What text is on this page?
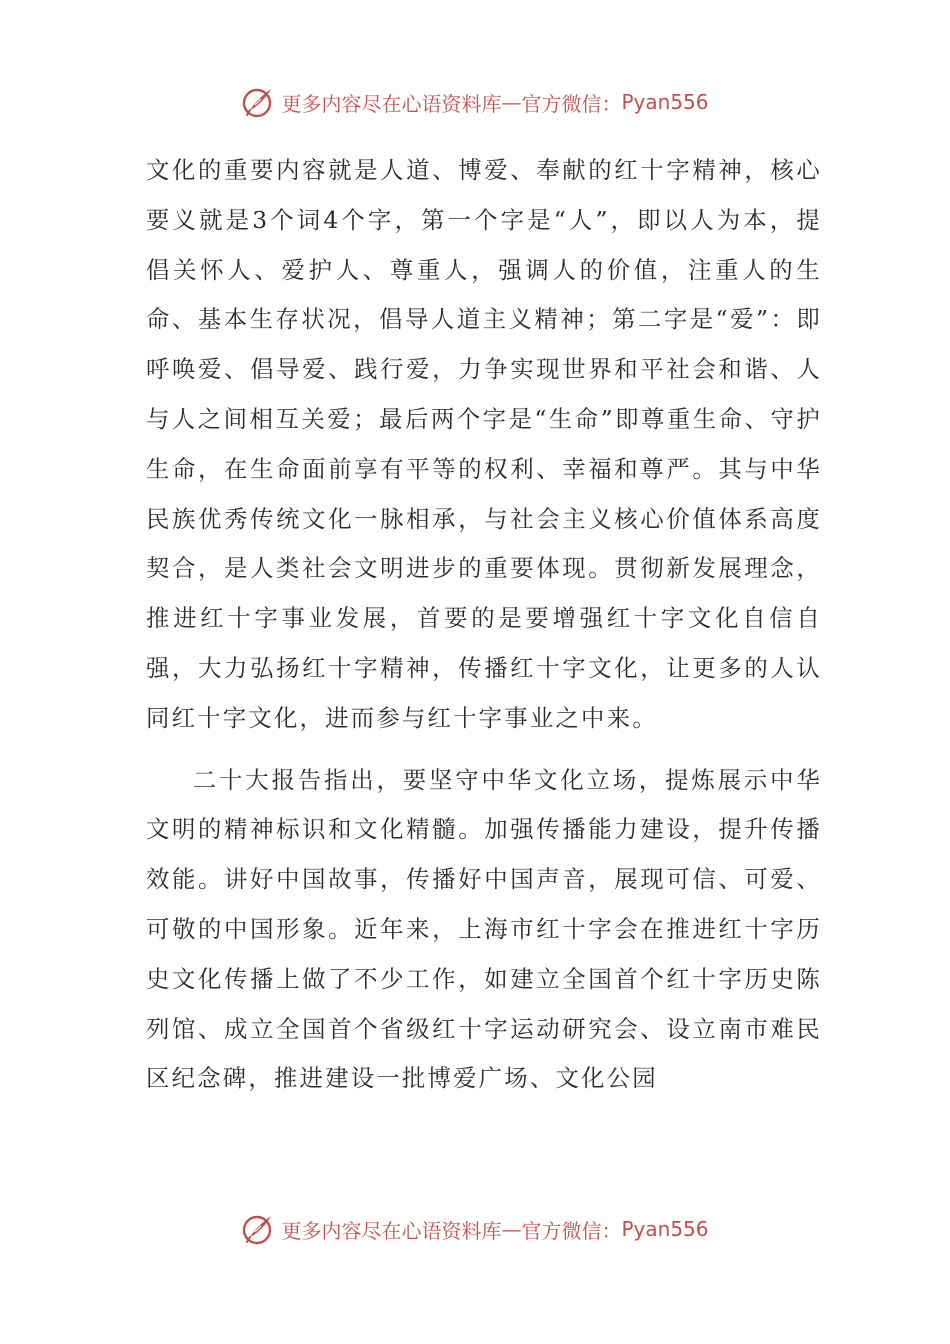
更多内容尽在心语资料库 — 官方微信： Pyan556

文化的重要内容就是人道、博爱、奉献的红十字精神，核心要义就是3个词4个字，第一个字是“人”，即以人为本，提倡关怀人、爱护人、尊重人，强调人的价值，注重人的生命、基本生存状况，倡导人道主义精神；第二字是“爱”：即呼唤爱、倡导爱、践行爱，力争实现世界和平社会和谐、人与人之间相互关爱；最后两个字是“生命”即尊重生命、守护生命，在生命面前享有平等的权利、幸福和尊严。其与中华民族优秀传统文化一脉相承，与社会主义核心价值体系高度契合，是人类社会文明进步的重要体现。贯彻新发展理念，推进红十字事业发展，首要的是要增强红十字文化自信自强，大力弘扬红十字精神，传播红十字文化，让更多的人认同红十字文化，进而参与红十字事业之中来。

二十大报告指出，要坚守中华文化立场，提炼展示中华文明的精神标识和文化精髓。加强传播能力建设，提升传播效能。讲好中国故事，传播好中国声音，展现可信、可爱、可敬的中国形象。近年来，上海市红十字会在推进红十字历史文化传播上做了不少工作，如建立全国首个红十字历史陈列馆、成立全国首个省级红十字运动研究会、设立南市难民区纪念碑，推进建设一批博爱广场、文化公园

更多内容尽在心语资料库 — 官方微信： Pyan556
